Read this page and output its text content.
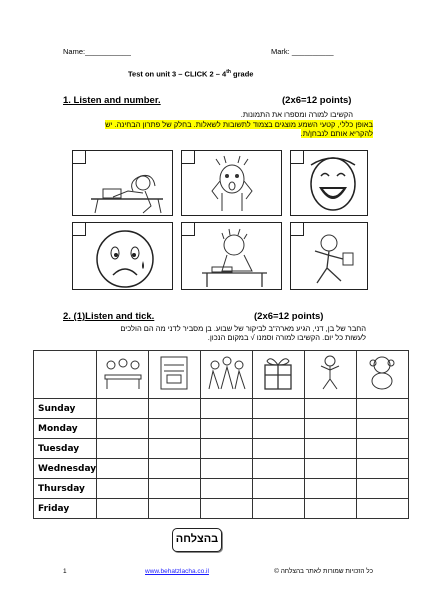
Name:___________	Mark: __________
Test on unit 3 – CLICK 2 – 4th grade
1. Listen and number.	(2x6=12 points)
הקשיבו למורה ומספרו את התמונות.
באופן כללי, קטעי השמע מוצגים בצמוד לתשובות לשאלות. בחלק של פתרון הבחינה. יש
להקריא אותם לנבחן/ת.
2. (1)Listen and tick.	(2x6=12 points)
החבר של בן, דני, הגיע מארה"ב לביקור של שבוע. בן מסביר לדני מה הם הולכים
לעשות כל יום. הקשיבו למורה וסמנו √ במקום הנכון.

Sunday						
Monday						
Tuesday						
Wednesday						
Thursday						
Friday						
בהצלחה
1	www.behatzlacha.co.il	כל הזכויות שמורות לאתר בהצלחה ©
